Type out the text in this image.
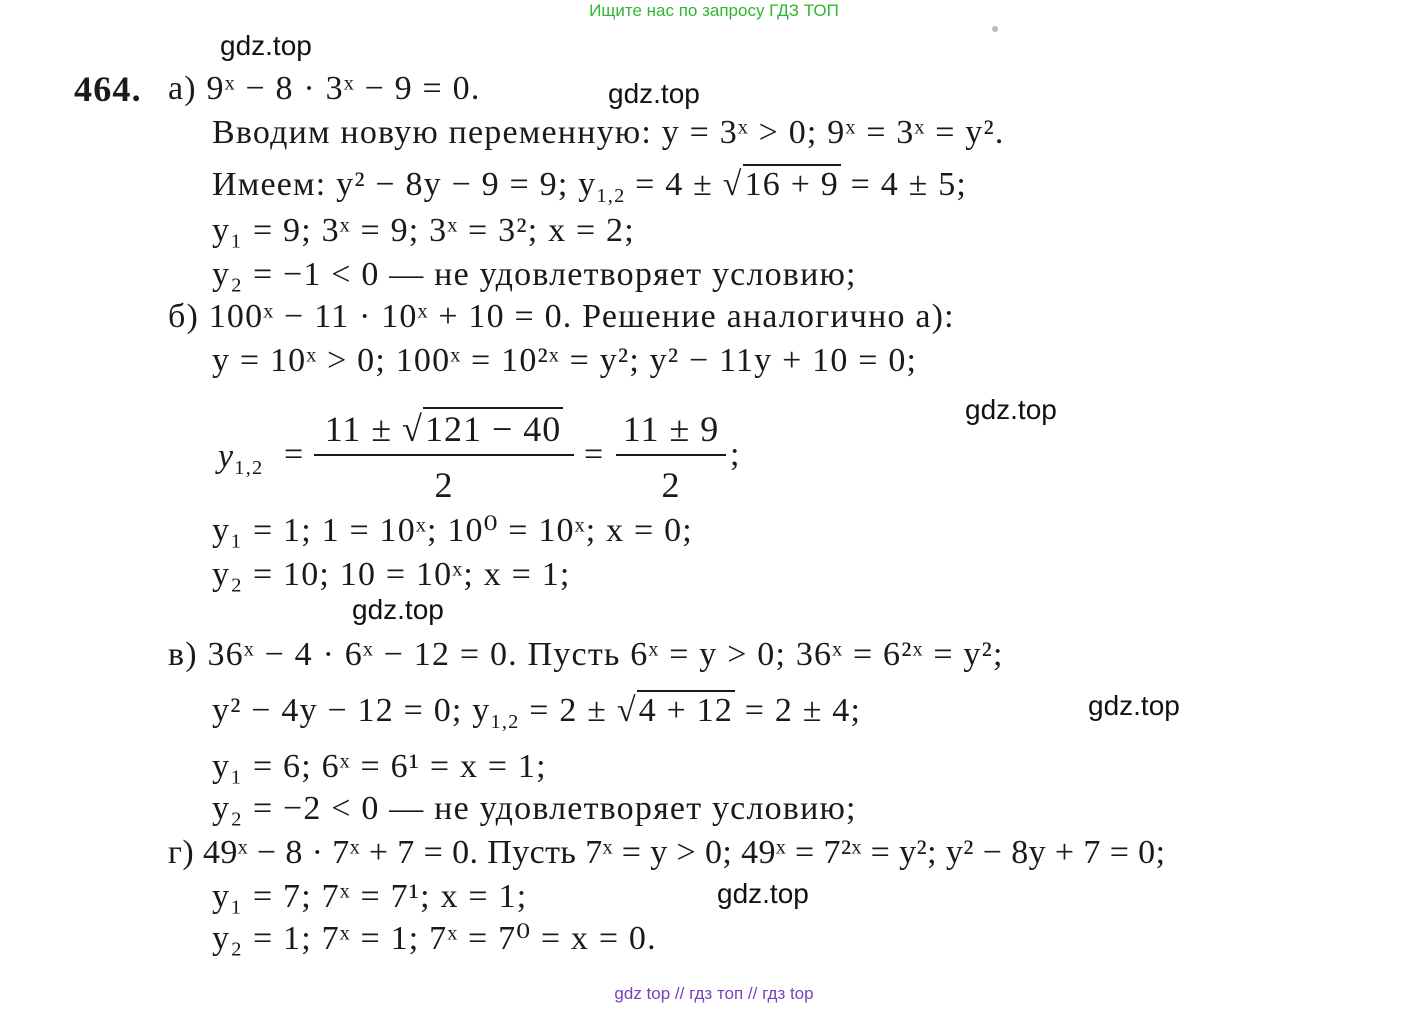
Ищите нас по запросу ГДЗ ТОП
gdz.top
gdz.top
gdz.top
gdz.top
gdz.top
gdz.top
464. а) 9ˣ − 8 · 3ˣ − 9 = 0.
Вводим новую переменную: y = 3ˣ > 0; 9ˣ = 3ˣ = y².
Имеем: y² − 8y − 9 = 9; $y_{1,2} = 4 \pm √16 + 9 = 4 \pm 5$;
y₁ = 9; 3ˣ = 9; 3ˣ = 3²; x = 2;
y₂ = −1 < 0 — не удовлетворяет условию;
б) 100ˣ − 11 · 10ˣ + 10 = 0. Решение аналогично а):
y = 10ˣ > 0; 100ˣ = 10²ˣ = y²; y² − 11y + 10 = 0;
$y_{1,2}$ =
11 ± √121 − 40
2
=
11 ± 9
2
;
y₁ = 1; 1 = 10ˣ; 10⁰ = 10ˣ; x = 0;
y₂ = 10; 10 = 10ˣ; x = 1;
в) 36ˣ − 4 · 6ˣ − 12 = 0. Пусть 6ˣ = y > 0; 36ˣ = 6²ˣ = y²;
y² − 4y − 12 = 0; $y_{1,2} = 2 \pm √4 + 12 = 2 \pm 4$;
y₁ = 6; 6ˣ = 6¹ = x = 1;
y₂ = −2 < 0 — не удовлетворяет условию;
г) 49ˣ − 8 · 7ˣ + 7 = 0. Пусть 7ˣ = y > 0; 49ˣ = 7²ˣ = y²; y² − 8y + 7 = 0;
y₁ = 7; 7ˣ = 7¹; x = 1;
y₂ = 1; 7ˣ = 1; 7ˣ = 7⁰ = x = 0.
gdz top // гдз топ // гдз top
